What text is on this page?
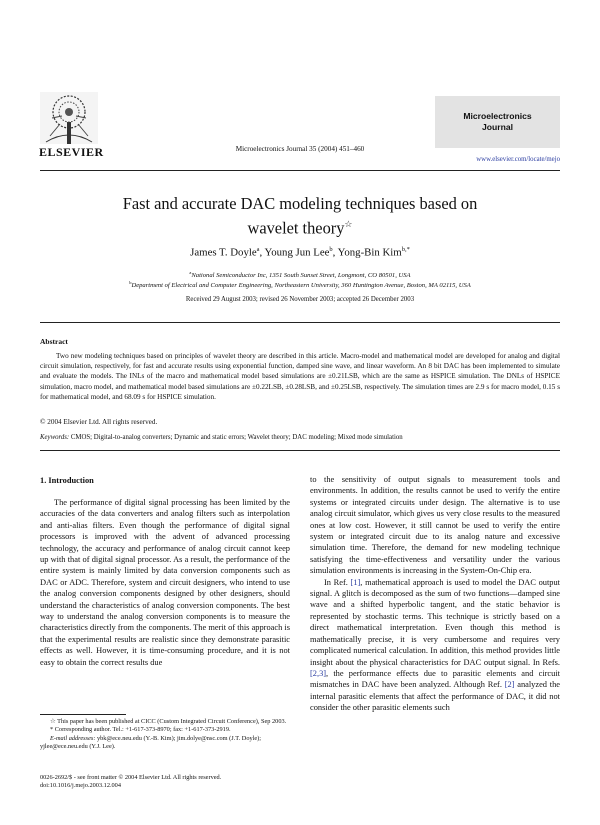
ELSEVIER	Microelectronics Journal 35 (2004) 451–460
Microelectronics
Journal
www.elsevier.com/locate/mejo
Fast and accurate DAC modeling techniques based on
wavelet theory☆
James T. Doyle$^a$, Young Jun Lee$^b$, Yong-Bin Kim$^{b,*}$
$^a$National Semiconductor Inc, 1351 South Sunset Street, Longmont, CO 80501, USA
$^b$Department of Electrical and Computer Engineering, Northeastern University, 360 Huntington Avenue, Boston, MA 02115, USA
Received 29 August 2003; revised 26 November 2003; accepted 26 December 2003
Abstract

Two new modeling techniques based on principles of wavelet theory are described in this article. Macro-model and mathematical model are developed for analog and digital circuit simulation, respectively, for fast and accurate results using exponential function, damped sine wave, and linear waveform. An 8 bit DAC has been implemented to simulate and evaluate the models. The INLs of the macro and mathematical model based simulations are ±0.21LSB, which are the same as HSPICE simulation. The DNLs of HSPICE simulation, macro model, and mathematical model based simulations are ±0.22LSB, ±0.28LSB, and ±0.25LSB, respectively. The simulation times are 2.9 s for macro model, 0.15 s for mathematical model, and 68.09 s for HSPICE simulation.

© 2004 Elsevier Ltd. All rights reserved.
Keywords: CMOS; Digital-to-analog converters; Dynamic and static errors; Wavelet theory; DAC modeling; Mixed mode simulation
1. Introduction

The performance of digital signal processing has been limited by the accuracies of the data converters and analog filters such as interpolation and anti-alias filters. Even though the performance of digital signal processors is improved with the advent of advanced processing technology, the accuracy and performance of analog circuit cannot keep up with that of digital signal processor. As a result, the performance of the entire system is mainly limited by data conversion components such as DAC or ADC. Therefore, system and circuit designers, who intend to use the analog conversion components designed by other designers, should understand the characteristics of analog conversion components. The best way to understand the analog conversion components is to measure the characteristics directly from the components. The merit of this approach is that the experimental results are realistic since they demonstrate parasitic effects as well. However, it is time-consuming procedure, and it is not easy to obtain the correct results due

to the sensitivity of output signals to measurement tools and environments. In addition, the results cannot be used to verify the entire systems or integrated circuits under design. The alternative is to use analog circuit simulator, which gives us very close results to the measured ones at low cost. However, it still cannot be used to verify the entire system or integrated circuit due to its analog nature and excessive simulation time. Therefore, the demand for new modeling technique satisfying the time-effectiveness and versatility under the various simulation environments is increasing in the System-On-Chip era.

In Ref. [1], mathematical approach is used to model the DAC output signal. A glitch is decomposed as the sum of two functions—damped sine wave and a shifted hyperbolic tangent, and the static behavior is represented by stochastic terms. This technique is strictly based on a direct mathematical interpretation. Even though this method is mathematically precise, it is very cumbersome and requires very complicated numerical calculation. In addition, this method provides little insight about the physical characteristics for DAC output signal. In Refs. [2,3], the performance effects due to parasitic elements and circuit mismatches in DAC have been analyzed. Although Ref. [2] analyzed the internal parasitic elements that affect the performance of DAC, it did not consider the other parasitic elements such

☆ This paper has been published at CICC (Custom Integrated Circuit Conference), Sep 2003.
* Corresponding author. Tel.: +1-617-373-8970; fax: +1-617-373-2919.
E-mail addresses: ybk@ece.neu.edu (Y.-B. Kim); jim.dolye@nsc.com (J.T. Doyle); yjlee@ece.neu.edu (Y.J. Lee).
0026-2692/$ - see front matter © 2004 Elsevier Ltd. All rights reserved.
doi:10.1016/j.mejo.2003.12.004
